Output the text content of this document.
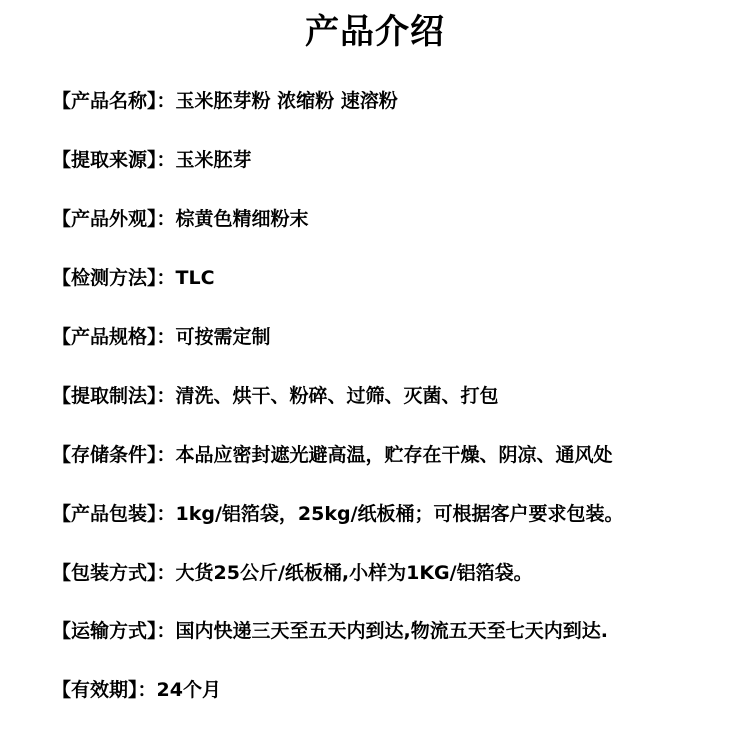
产品介绍
【产品名称】： 玉米胚芽粉 浓缩粉 速溶粉
【提取来源】： 玉米胚芽
【产品外观】： 棕黄色精细粉末
【检测方法】： TLC
【产品规格】： 可按需定制
【提取制法】： 清洗、烘干、粉碎、过筛、灭菌、打包
【存储条件】： 本品应密封遮光避高温，贮存在干燥、阴凉、通风处
【产品包装】： 1kg/铝箔袋，25kg/纸板桶；可根据客户要求包装。
【包装方式】： 大货25公斤/纸板桶,小样为1KG/铝箔袋。
【运输方式】： 国内快递三天至五天内到达,物流五天至七天内到达.
【有效期】： 24个月
